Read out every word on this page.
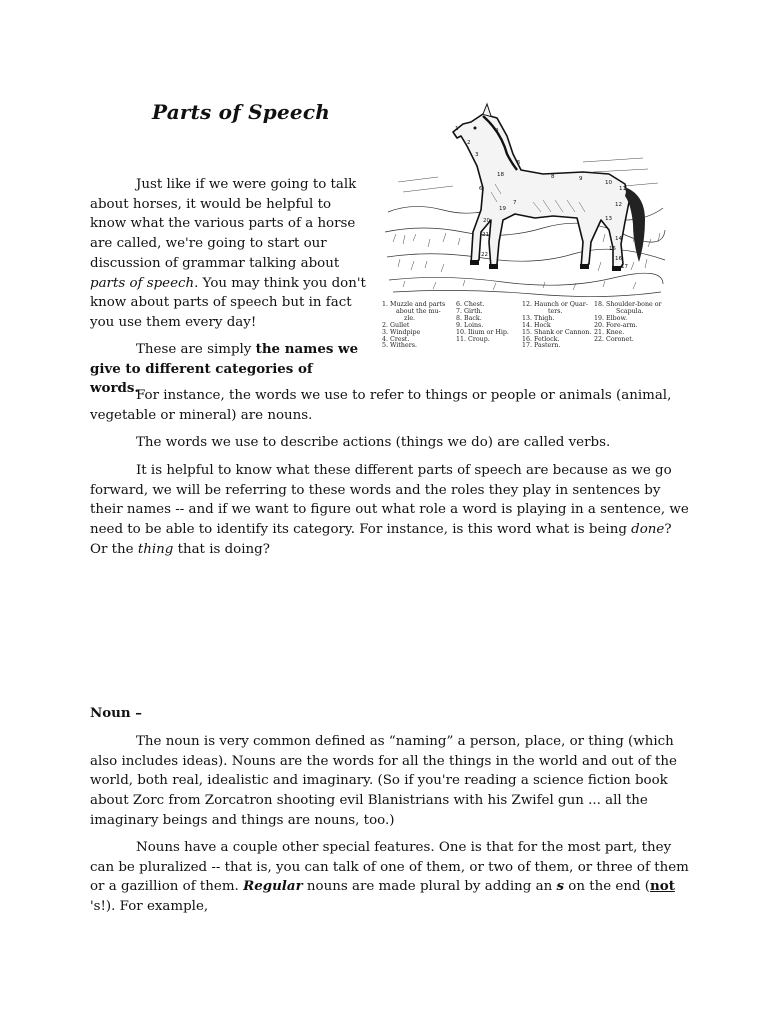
Parts of Speech
1
2
3
4
5
6
7
8	9
10
11
12
13
14
15
16
17
18
19
20
21
22
1. Muzzle and parts
about the mu-
zle.
2. Gullet
3. Windpipe
4. Crest.
5. Withers.
6. Chest.
7. Girth.
8. Back.
9. Loins.
10. Ilium or Hip.
11. Croup.
12. Haunch or Quar-
ters.
13. Thigh.
14. Hock
15. Shank or Cannon.
16. Fetlock.
17. Pastern.
18. Shoulder-bone or
Scapula.
19. Elbow.
20. Fore-arm.
21. Knee.
22. Coronet.

Just like if we were going to talk about horses, it would be helpful to know what the various parts of a horse are called, we're going to start our discussion of grammar talking about parts of speech. You may think you don't know about parts of speech but in fact you use them every day!

These are simply the names we give to different categories of words.

For instance, the words we use to refer to things or people or animals (animal, vegetable or mineral) are nouns.

The words we use to describe actions (things we do) are called verbs.

It is helpful to know what these different parts of speech are because as we go forward, we will be referring to these words and the roles they play in sentences by their names -- and if we want to figure out what role a word is playing in a sentence, we need to be able to identify its category. For instance, is this word what is being done? Or the thing that is doing?

Noun –

The noun is very common defined as “naming” a person, place, or thing (which also includes ideas). Nouns are the words for all the things in the world and out of the world, both real, idealistic and imaginary. (So if you're reading a science fiction book about Zorc from Zorcatron shooting evil Blanistrians with his Zwifel gun ... all the imaginary beings and things are nouns, too.)

Nouns have a couple other special features. One is that for the most part, they can be pluralized -- that is, you can talk of one of them, or two of them, or three of them or a gazillion of them. Regular nouns are made plural by adding an s on the end (not 's!). For example,
